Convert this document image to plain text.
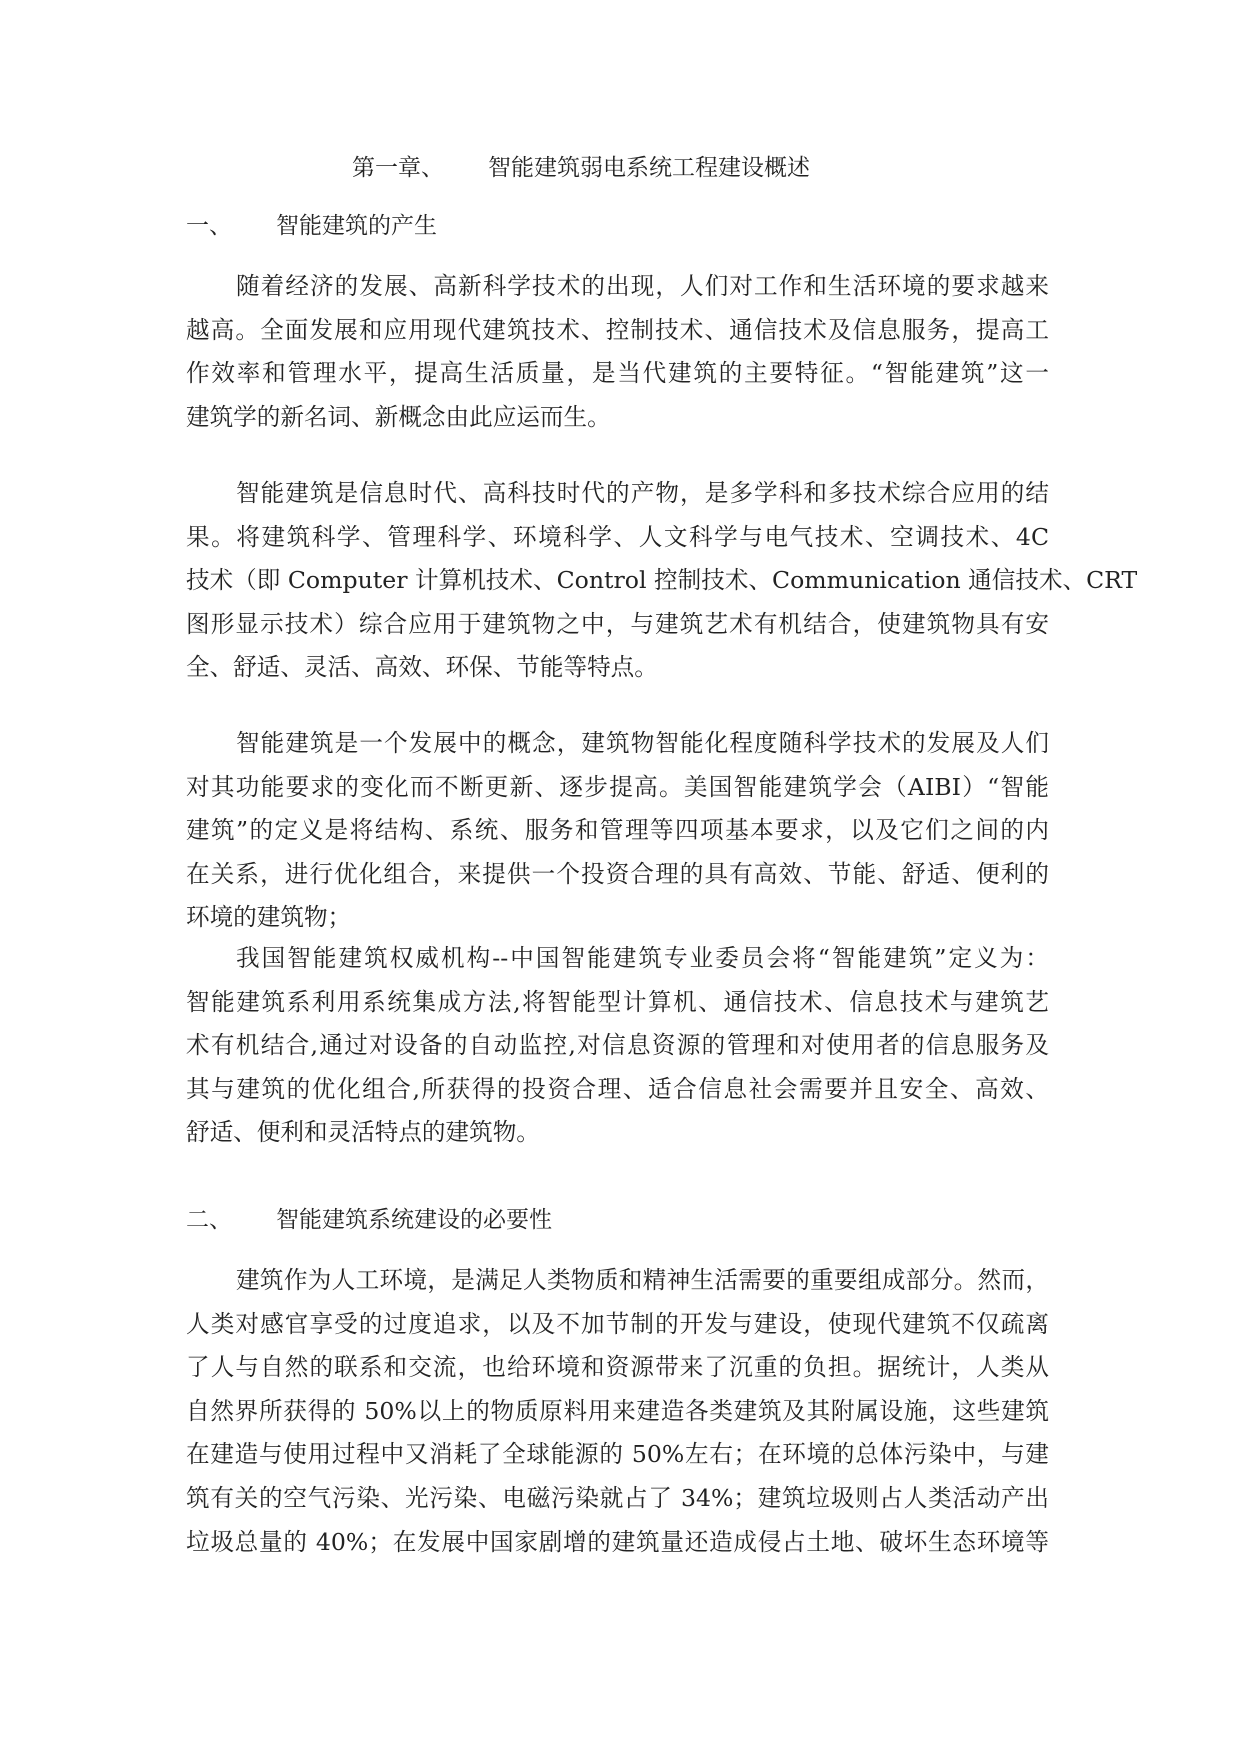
第一章、 智能建筑弱电系统工程建设概述
一、 智能建筑的产生

随着经济的发展、高新科学技术的出现，人们对工作和生活环境的要求越来
越高。全面发展和应用现代建筑技术、控制技术、通信技术及信息服务，提高工
作效率和管理水平，提高生活质量，是当代建筑的主要特征。“智能建筑”这一
建筑学的新名词、新概念由此应运而生。

智能建筑是信息时代、高科技时代的产物，是多学科和多技术综合应用的结
果。将建筑科学、管理科学、环境科学、人文科学与电气技术、空调技术、4C
技术（即 Computer 计算机技术、Control 控制技术、Communication 通信技术、CRT
图形显示技术）综合应用于建筑物之中，与建筑艺术有机结合，使建筑物具有安
全、舒适、灵活、高效、环保、节能等特点。

智能建筑是一个发展中的概念，建筑物智能化程度随科学技术的发展及人们
对其功能要求的变化而不断更新、逐步提高。美国智能建筑学会（AIBI）“智能
建筑”的定义是将结构、系统、服务和管理等四项基本要求，以及它们之间的内
在关系，进行优化组合，来提供一个投资合理的具有高效、节能、舒适、便利的
环境的建筑物；

我国智能建筑权威机构--中国智能建筑专业委员会将“智能建筑”定义为：
智能建筑系利用系统集成方法,将智能型计算机、通信技术、信息技术与建筑艺
术有机结合,通过对设备的自动监控,对信息资源的管理和对使用者的信息服务及
其与建筑的优化组合,所获得的投资合理、适合信息社会需要并且安全、高效、
舒适、便利和灵活特点的建筑物。

二、 智能建筑系统建设的必要性

建筑作为人工环境，是满足人类物质和精神生活需要的重要组成部分。然而，
人类对感官享受的过度追求，以及不加节制的开发与建设，使现代建筑不仅疏离
了人与自然的联系和交流，也给环境和资源带来了沉重的负担。据统计，人类从
自然界所获得的 50%以上的物质原料用来建造各类建筑及其附属设施，这些建筑
在建造与使用过程中又消耗了全球能源的 50%左右；在环境的总体污染中，与建
筑有关的空气污染、光污染、电磁污染就占了 34%；建筑垃圾则占人类活动产出
垃圾总量的 40%；在发展中国家剧增的建筑量还造成侵占土地、破坏生态环境等
